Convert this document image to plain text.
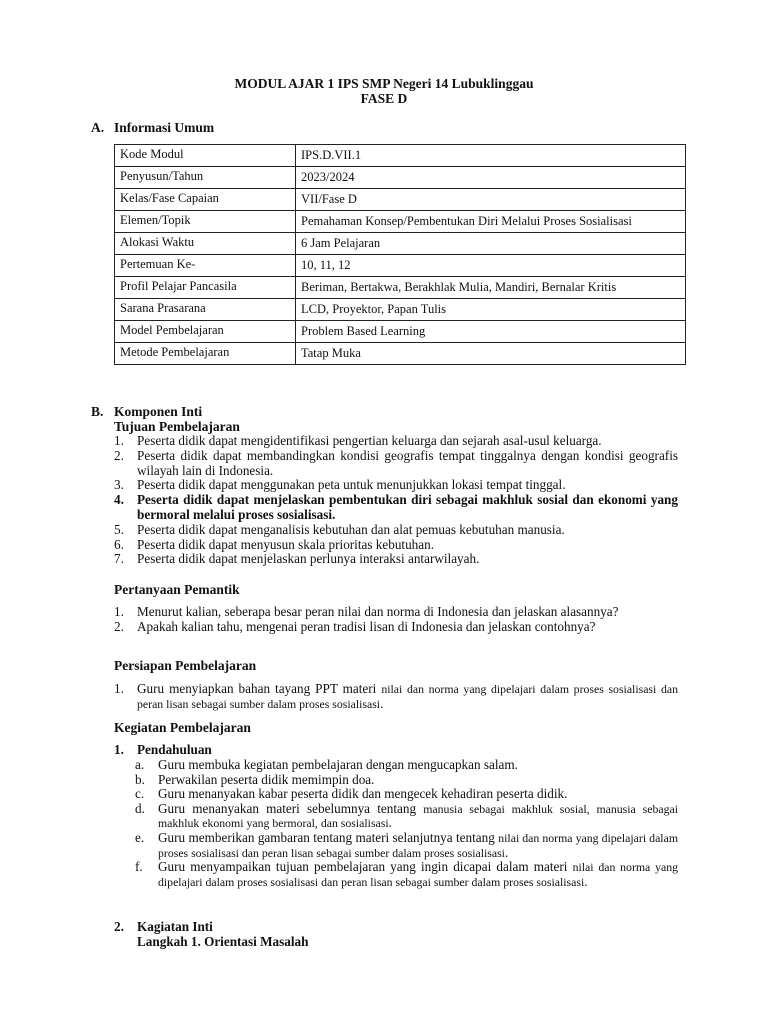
MODUL AJAR 1 IPS SMP Negeri 14 Lubuklinggau
FASE D
A. Informasi Umum
Kode Modul	IPS.D.VII.1
Penyusun/Tahun	2023/2024
Kelas/Fase Capaian	VII/Fase D
Elemen/Topik	Pemahaman Konsep/Pembentukan Diri Melalui Proses Sosialisasi
Alokasi Waktu	6 Jam Pelajaran
Pertemuan Ke-	10, 11, 12
Profil Pelajar Pancasila	Beriman, Bertakwa, Berakhlak Mulia, Mandiri, Bernalar Kritis
Sarana Prasarana	LCD, Proyektor, Papan Tulis
Model Pembelajaran	Problem Based Learning
Metode Pembelajaran	Tatap Muka
B. Komponen Inti
Tujuan Pembelajaran
1. Peserta didik dapat mengidentifikasi pengertian keluarga dan sejarah asal-usul keluarga.
2. Peserta didik dapat membandingkan kondisi geografis tempat tinggalnya dengan kondisi geografis wilayah lain di Indonesia.
3. Peserta didik dapat menggunakan peta untuk menunjukkan lokasi tempat tinggal.
4. Peserta didik dapat menjelaskan pembentukan diri sebagai makhluk sosial dan ekonomi yang bermoral melalui proses sosialisasi.
5. Peserta didik dapat menganalisis kebutuhan dan alat pemuas kebutuhan manusia.
6. Peserta didik dapat menyusun skala prioritas kebutuhan.
7. Peserta didik dapat menjelaskan perlunya interaksi antarwilayah.
Pertanyaan Pemantik
1. Menurut kalian, seberapa besar peran nilai dan norma di Indonesia dan jelaskan alasannya?
2. Apakah kalian tahu, mengenai peran tradisi lisan di Indonesia dan jelaskan contohnya?
Persiapan Pembelajaran
1. Guru menyiapkan bahan tayang PPT materi nilai dan norma yang dipelajari dalam proses sosialisasi dan peran lisan sebagai sumber dalam proses sosialisasi.
Kegiatan Pembelajaran
1. Pendahuluan
a.	Guru membuka kegiatan pembelajaran dengan mengucapkan salam.
b. Perwakilan peserta didik memimpin doa.
c.	Guru menanyakan kabar peserta didik dan mengecek kehadiran peserta didik.
d. Guru menanyakan materi sebelumnya tentang manusia sebagai makhluk sosial, manusia sebagai makhluk ekonomi yang bermoral, dan sosialisasi.
e.	Guru memberikan gambaran tentang materi selanjutnya tentang nilai dan norma yang dipelajari dalam proses sosialisasi dan peran lisan sebagai sumber dalam proses sosialisasi.
f.	Guru menyampaikan tujuan pembelajaran yang ingin dicapai dalam materi nilai dan norma yang dipelajari dalam proses sosialisasi dan peran lisan sebagai sumber dalam proses sosialisasi.
2. Kagiatan Inti
Langkah 1. Orientasi Masalah
